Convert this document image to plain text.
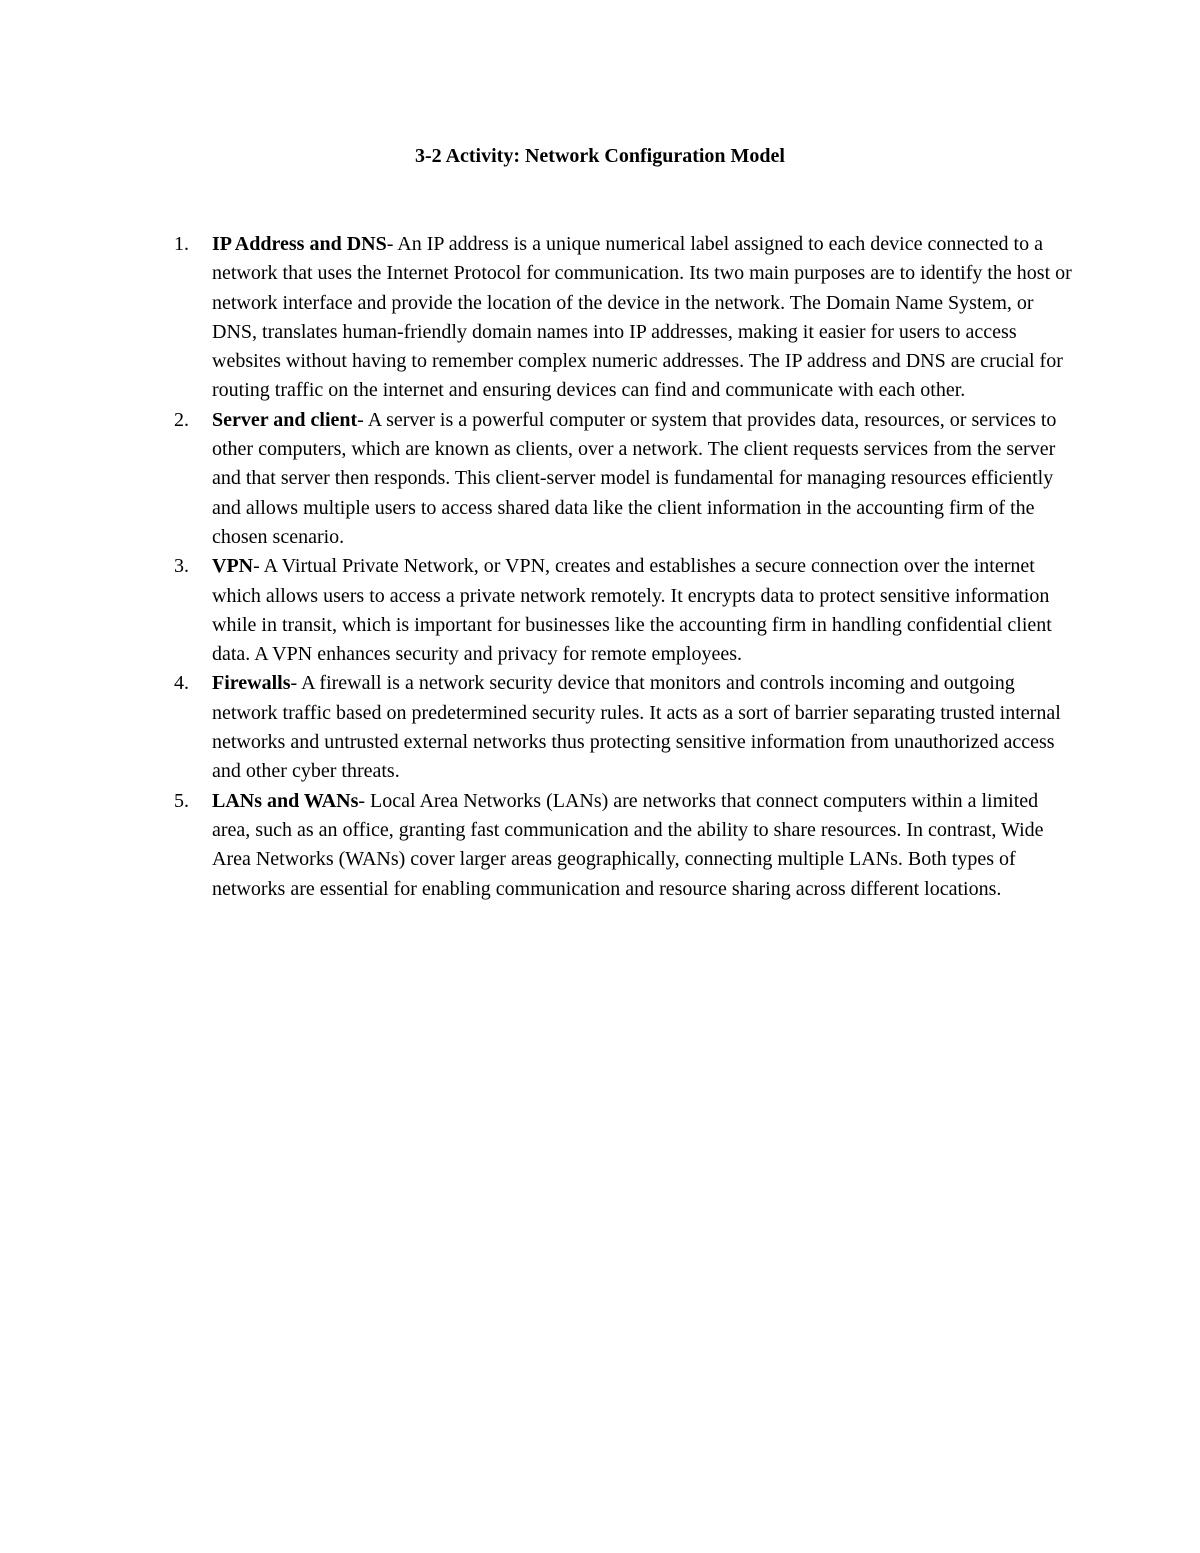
3-2 Activity: Network Configuration Model
1. IP Address and DNS- An IP address is a unique numerical label assigned to each device connected to a network that uses the Internet Protocol for communication. Its two main purposes are to identify the host or network interface and provide the location of the device in the network. The Domain Name System, or DNS, translates human-friendly domain names into IP addresses, making it easier for users to access websites without having to remember complex numeric addresses. The IP address and DNS are crucial for routing traffic on the internet and ensuring devices can find and communicate with each other.
2. Server and client- A server is a powerful computer or system that provides data, resources, or services to other computers, which are known as clients, over a network. The client requests services from the server and that server then responds. This client-server model is fundamental for managing resources efficiently and allows multiple users to access shared data like the client information in the accounting firm of the chosen scenario.
3. VPN- A Virtual Private Network, or VPN, creates and establishes a secure connection over the internet which allows users to access a private network remotely. It encrypts data to protect sensitive information while in transit, which is important for businesses like the accounting firm in handling confidential client data. A VPN enhances security and privacy for remote employees.
4. Firewalls- A firewall is a network security device that monitors and controls incoming and outgoing network traffic based on predetermined security rules. It acts as a sort of barrier separating trusted internal networks and untrusted external networks thus protecting sensitive information from unauthorized access and other cyber threats.
5. LANs and WANs- Local Area Networks (LANs) are networks that connect computers within a limited area, such as an office, granting fast communication and the ability to share resources. In contrast, Wide Area Networks (WANs) cover larger areas geographically, connecting multiple LANs. Both types of networks are essential for enabling communication and resource sharing across different locations.
